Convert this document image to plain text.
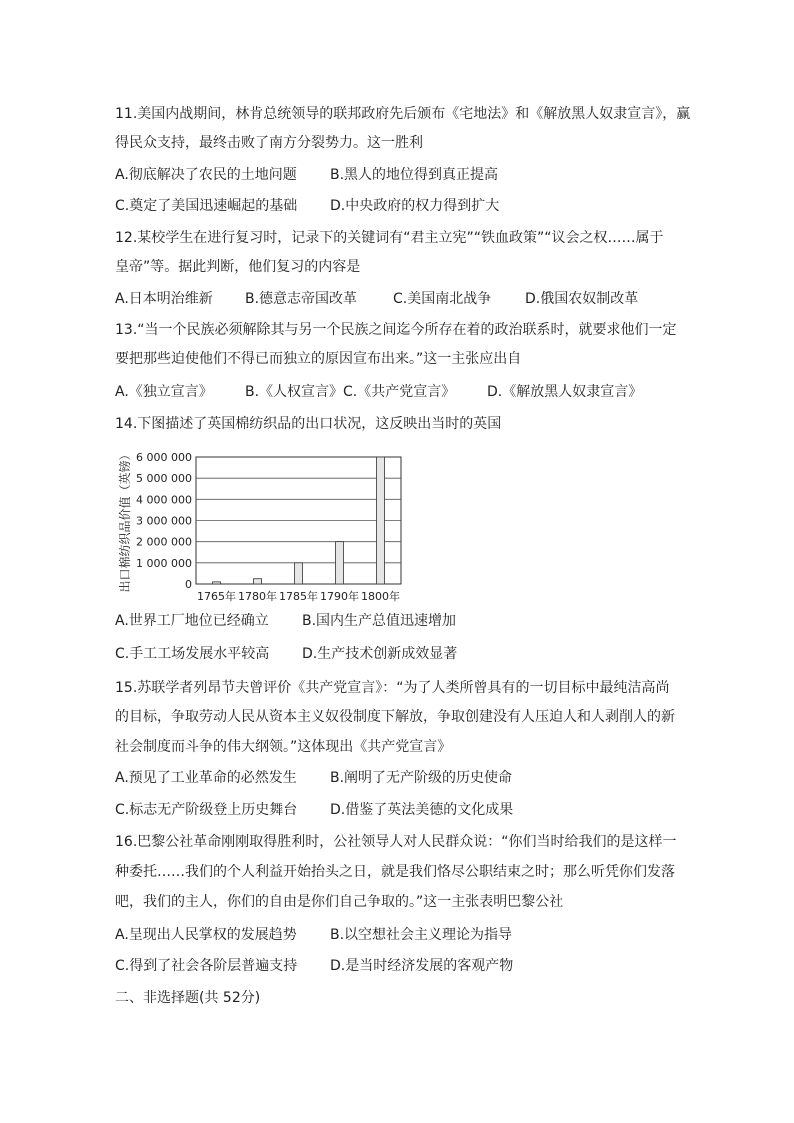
11.美国内战期间，林肯总统领导的联邦政府先后颁布《宅地法》和《解放黑人奴隶宣言》，赢
得民众支持，最终击败了南方分裂势力。这一胜利
A.彻底解决了农民的土地问题 B.黑人的地位得到真正提高
C.奠定了美国迅速崛起的基础 D.中央政府的权力得到扩大
12.某校学生在进行复习时，记录下的关键词有“君主立宪”“铁血政策”“议会之权……属于
皇帝”等。据此判断，他们复习的内容是
A.日本明治维新 B.德意志帝国改革	C.美国南北战争 D.俄国农奴制改革
13.“当一个民族必须解除其与另一个民族之间迄今所存在着的政治联系时，就要求他们一定
要把那些迫使他们不得已而独立的原因宣布出来。”这一主张应出自
A.《独立宣言》 B.《人权宣言》 C.《共产党宣言》 D.《解放黑人奴隶宣言》
14.下图描述了英国棉纺织品的出口状况，这反映出当时的英国
0
1 000 000
2 000 000
3 000 000
4 000 000
5 000 000
6 000 000
出口棉纺织品价值（英镑）
1765年 1780年 1785年 1790年 1800年
A.世界工厂地位已经确立 B.国内生产总值迅速增加
C.手工工场发展水平较高 D.生产技术创新成效显著
15.苏联学者列昂节夫曾评价《共产党宣言》：“为了人类所曾具有的一切目标中最纯洁高尚
的目标，争取劳动人民从资本主义奴役制度下解放，争取创建没有人压迫人和人剥削人的新
社会制度而斗争的伟大纲领。”这体现出《共产党宣言》
A.预见了工业革命的必然发生 B.阐明了无产阶级的历史使命
C.标志无产阶级登上历史舞台 D.借鉴了英法美德的文化成果
16.巴黎公社革命刚刚取得胜利时，公社领导人对人民群众说：“你们当时给我们的是这样一
种委托……我们的个人利益开始抬头之日，就是我们恪尽公职结束之时；那么听凭你们发落
吧，我们的主人，你们的自由是你们自己争取的。”这一主张表明巴黎公社
A.呈现出人民掌权的发展趋势 B.以空想社会主义理论为指导
C.得到了社会各阶层普遍支持 D.是当时经济发展的客观产物
二、非选择题(共 52分)
